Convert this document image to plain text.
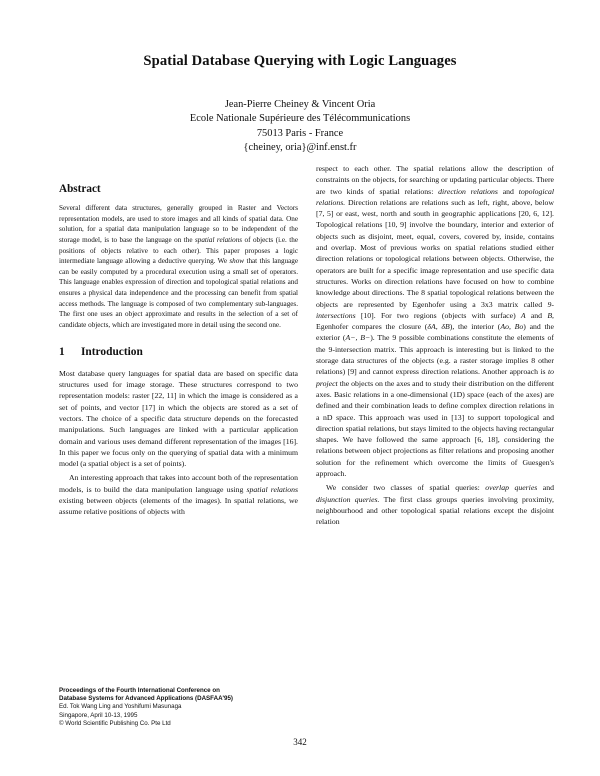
Spatial Database Querying with Logic Languages
Jean-Pierre Cheiney & Vincent Oria
Ecole Nationale Supérieure des Télécommunications
75013 Paris - France
{cheiney, oria}@inf.enst.fr
Abstract

Several different data structures, generally grouped in Raster and Vectors representation models, are used to store images and all kinds of spatial data. One solution, for a spatial data manipulation language so to be independent of the storage model, is to base the language on the spatial relations of objects (i.e. the positions of objects relative to each other). This paper proposes a logic intermediate language allowing a deductive querying. We show that this language can be easily computed by a procedural execution using a small set of operators. This language enables expression of direction and topological spatial relations and ensures a physical data independence and the processing can benefit from spatial access methods. The language is composed of two complementary sub-languages. The first one uses an object approximate and results in the selection of a set of candidate objects, which are investigated more in detail using the second one.

1 Introduction

Most database query languages for spatial data are based on specific data structures used for image storage. These structures correspond to two representation models: raster [22, 11] in which the image is considered as a set of points, and vector [17] in which the objects are stored as a set of vectors. The choice of a specific data structure depends on the forecasted manipulations. Such languages are linked with a particular application domain and various uses demand different representation of the images [16]. In this paper we focus only on the querying of spatial data with a minimum model (a spatial object is a set of points).

An interesting approach that takes into account both of the representation models, is to build the data manipulation language using spatial relations existing between objects (elements of the images). In spatial relations, we assume relative positions of objects with

respect to each other. The spatial relations allow the description of constraints on the objects, for searching or updating particular objects. There are two kinds of spatial relations: direction relations and topological relations. Direction relations are relations such as left, right, above, below [7, 5] or east, west, north and south in geographic applications [20, 6, 12]. Topological relations [10, 9] involve the boundary, interior and exterior of objects such as disjoint, meet, equal, covers, covered by, inside, contains and overlap. Most of previous works on spatial relations studied either direction relations or topological relations between objects. Otherwise, the operators are built for a specific image representation and use specific data structures. Works on direction relations have focused on how to combine knowledge about directions. The 8 spatial topological relations between the objects are represented by Egenhofer using a 3x3 matrix called 9-intersections [10]. For two regions (objects with surface) A and B, Egenhofer compares the closure (δA, δB), the interior (Ao, Bo) and the exterior (A−, B−). The 9 possible combinations constitute the elements of the 9-intersection matrix. This approach is interesting but is linked to the storage data structures of the objects (e.g. a raster storage implies 8 other relations) [9] and cannot express direction relations. Another approach is to project the objects on the axes and to study their distribution on the different axes. Basic relations in a one-dimensional (1D) space (each of the axes) are defined and their combination leads to define complex direction relations in a nD space. This approach was used in [13] to support topological and direction spatial relations, but stays limited to the objects having rectangular shapes. We have followed the same approach [6, 18], considering the relations between object projections as filter relations and proposing another solution for the refinement which overcome the limits of Guesgen's approach.

We consider two classes of spatial queries: overlap queries and disjunction queries. The first class groups queries involving proximity, neighbourhood and other topological spatial relations except the disjoint relation

Proceedings of the Fourth International Conference on
Database Systems for Advanced Applications (DASFAA'95)
Ed. Tok Wang Ling and Yoshifumi Masunaga
Singapore, April 10-13, 1995
© World Scientific Publishing Co. Pte Ltd
342
